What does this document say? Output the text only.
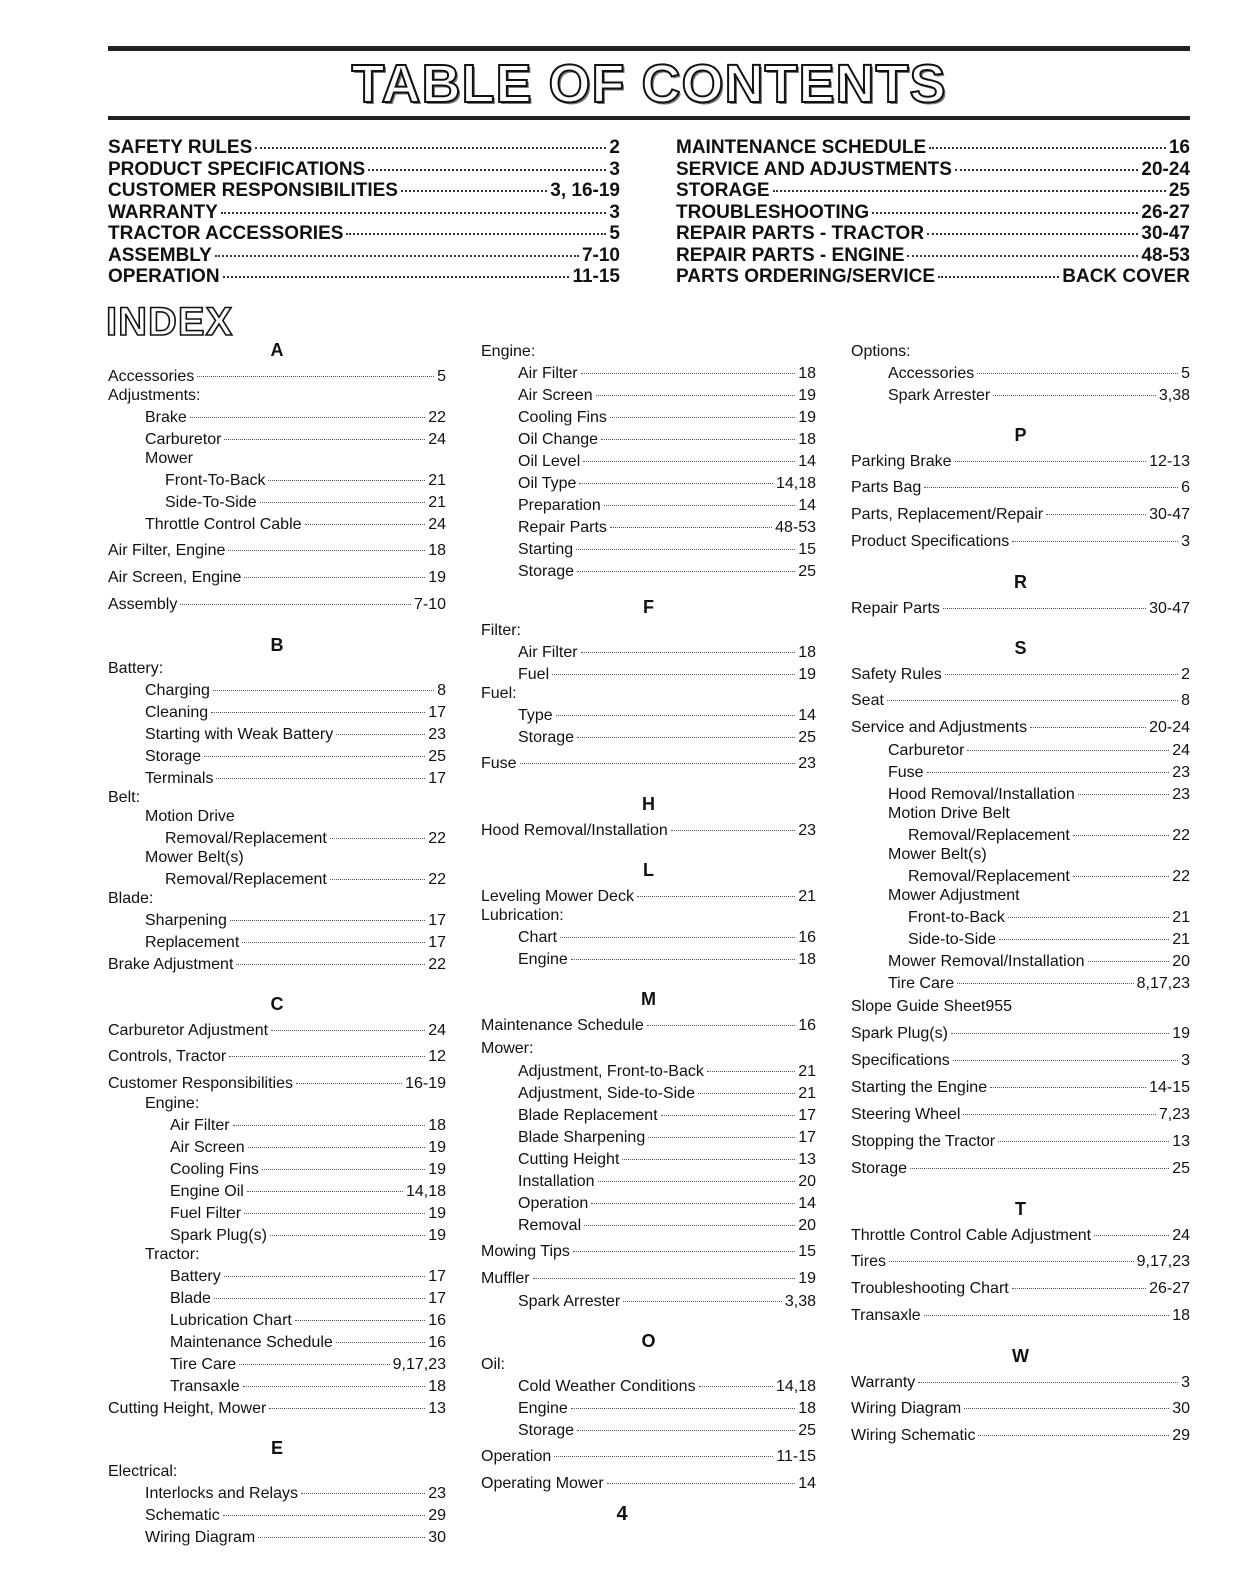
TABLE OF CONTENTS
SAFETY RULES	2
PRODUCT SPECIFICATIONS	3
CUSTOMER RESPONSIBILITIES	3, 16-19
WARRANTY	3
TRACTOR ACCESSORIES	5
ASSEMBLY	7-10
OPERATION	11-15
MAINTENANCE SCHEDULE	16
SERVICE AND ADJUSTMENTS	20-24
STORAGE	25
TROUBLESHOOTING	26-27
REPAIR PARTS - TRACTOR	30-47
REPAIR PARTS - ENGINE	48-53
PARTS ORDERING/SERVICE	BACK COVER
INDEX
A
Accessories	5
Adjustments:
Brake	22
Carburetor	24
Mower
Front-To-Back	21
Side-To-Side	21
Throttle Control Cable	24
Air Filter, Engine	18
Air Screen, Engine	19
Assembly	7-10
B
Battery:
Charging	8
Cleaning	17
Starting with Weak Battery	23
Storage	25
Terminals	17
Belt:
Motion Drive
Removal/Replacement	22
Mower Belt(s)
Removal/Replacement	22
Blade:
Sharpening	17
Replacement	17
Brake Adjustment	22
C
Carburetor Adjustment	24
Controls, Tractor	12
Customer Responsibilities	16-19
Engine:
Air Filter	18
Air Screen	19
Cooling Fins	19
Engine Oil	14,18
Fuel Filter	19
Spark Plug(s)	19
Tractor:
Battery	17
Blade	17
Lubrication Chart	16
Maintenance Schedule	16
Tire Care	9,17,23
Transaxle	18
Cutting Height, Mower	13
E
Electrical:
Interlocks and Relays	23
Schematic	29
Wiring Diagram	30
Engine:
Air Filter	18
Air Screen	19
Cooling Fins	19
Oil Change	18
Oil Level	14
Oil Type	14,18
Preparation	14
Repair Parts	48-53
Starting	15
Storage	25
F
Filter:
Air Filter	18
Fuel	19
Fuel:
Type	14
Storage	25
Fuse	23
H
Hood Removal/Installation	23
L
Leveling Mower Deck	21
Lubrication:
Chart	16
Engine	18
M
Maintenance Schedule	16
Mower:
Adjustment, Front-to-Back	21
Adjustment, Side-to-Side	21
Blade Replacement	17
Blade Sharpening	17
Cutting Height	13
Installation	20
Operation	14
Removal	20
Mowing Tips	15
Muffler	19
Spark Arrester	3,38
O
Oil:
Cold Weather Conditions	14,18
Engine	18
Storage	25
Operation	11-15
Operating Mower	14
Options:
Accessories	5
Spark Arrester	3,38
P
Parking Brake	12-13
Parts Bag	6
Parts, Replacement/Repair	30-47
Product Specifications	3
R
Repair Parts	30-47
S
Safety Rules	2
Seat	8
Service and Adjustments	20-24
Carburetor	24
Fuse	23
Hood Removal/Installation	23
Motion Drive Belt
Removal/Replacement	22
Mower Belt(s)
Removal/Replacement	22
Mower Adjustment
Front-to-Back	21
Side-to-Side	21
Mower Removal/Installation	20
Tire Care	8,17,23
Slope Guide Sheet955
Spark Plug(s)	19
Specifications	3
Starting the Engine	14-15
Steering Wheel	7,23
Stopping the Tractor	13
Storage	25
T
Throttle Control Cable Adjustment	24
Tires	9,17,23
Troubleshooting Chart	26-27
Transaxle	18
W
Warranty	3
Wiring Diagram	30
Wiring Schematic	29

4
